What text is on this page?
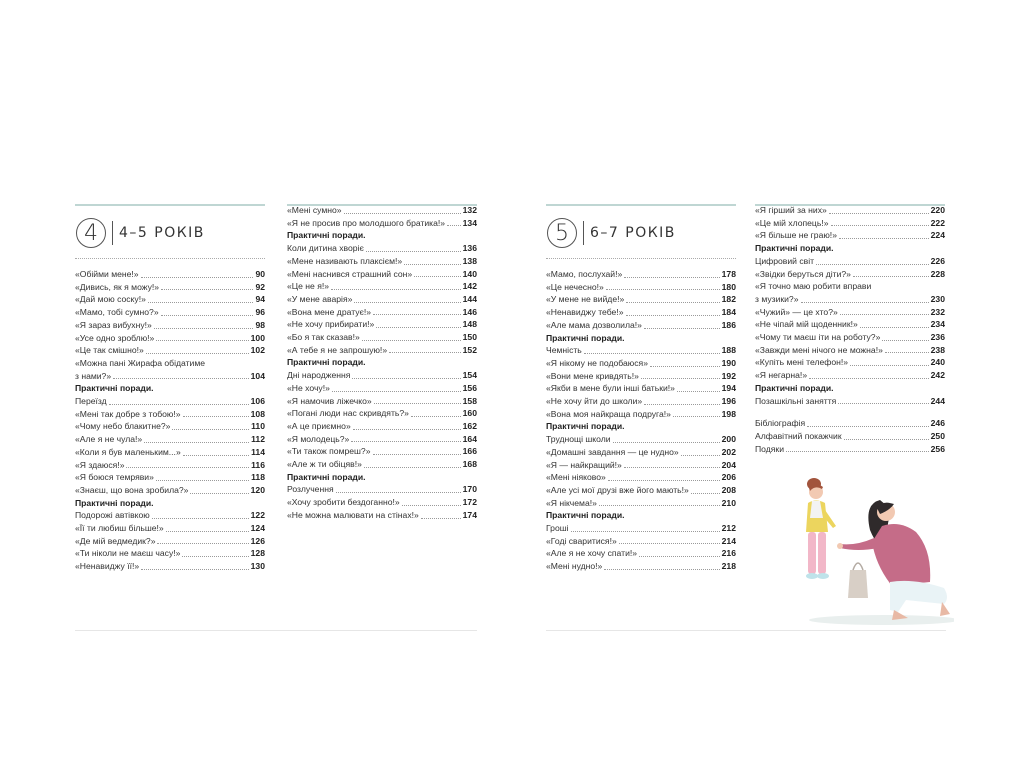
4	4–5 РОКІВ
«Обійми мене!»	90
«Дивись, як я можу!»	92
«Дай мою соску!»	94
«Мамо, тобі сумно?»	96
«Я зараз вибухну!»	98
«Усе одно зроблю!»	100
«Це так смішно!»	102
«Можна пані Жирафа обідатиме
з нами?»	104
Практичні поради.
Переїзд	106
«Мені так добре з тобою!»	108
«Чому небо блакитне?»	110
«Але я не чула!»	112
«Коли я був маленьким...»	114
«Я здаюся!»	116
«Я боюся темряви»	118
«Знаєш, що вона зробила?»	120
Практичні поради.
Подорожі автівкою	122
«Її ти любиш більше!»	124
«Де мій ведмедик?»	126
«Ти ніколи не маєш часу!»	128
«Ненавиджу її!»	130
«Мені сумно»	132
«Я не просив про молодшого братика!» 134
Практичні поради.
Коли дитина хворіє	136
«Мене називають плаксієм!»	138
«Мені наснився страшний сон»	140
«Це не я!»	142
«У мене аварія»	144
«Вона мене дратує!»	146
«Не хочу прибирати!»	148
«Бо я так сказав!»	150
«А тебе я не запрошую!»	152
Практичні поради.
Дні народження	154
«Не хочу!»	156
«Я намочив ліжечко»	158
«Погані люди нас скривдять?»	160
«А це приємно»	162
«Я молодець?»	164
«Ти також помреш?»	166
«Але ж ти обіцяв!»	168
Практичні поради.
Розлучення	170
«Хочу зробити бездоганно!»	172
«Не можна малювати на стінах!»	174
5	6–7 РОКІВ
«Мамо, послухай!»	178
«Це нечесно!»	180
«У мене не вийде!»	182
«Ненавиджу тебе!»	184
«Але мама дозволила!»	186
Практичні поради.
Чемність	188
«Я нікому не подобаюся»	190
«Вони мене кривдять!»	192
«Якби в мене були інші батьки!»	194
«Не хочу йти до школи»	196
«Вона моя найкраща подруга!»	198
Практичні поради.
Труднощі школи	200
«Домашні завдання — це нудно»	202
«Я — найкращий!»	204
«Мені ніяково»	206
«Але усі мої друзі вже його мають!»	208
«Я нікчема!»	210
Практичні поради.
Гроші	212
«Годі сваритися!»	214
«Але я не хочу спати!»	216
«Мені нудно!»	218
«Я гірший за них»	220
«Це мій хлопець!»	222
«Я більше не граю!»	224
Практичні поради.
Цифровий світ	226
«Звідки беруться діти?»	228
«Я точно маю робити вправи
з музики?»	230
«Чужий» — це хто?»	232
«Не чіпай мій щоденник!»	234
«Чому ти маєш іти на роботу?»	236
«Завжди мені нічого не можна!»	238
«Купіть мені телефон!»	240
«Я негарна!»	242
Практичні поради.
Позашкільні заняття	244
Бібліографія	246
Алфавітний покажчик	250
Подяки	256
